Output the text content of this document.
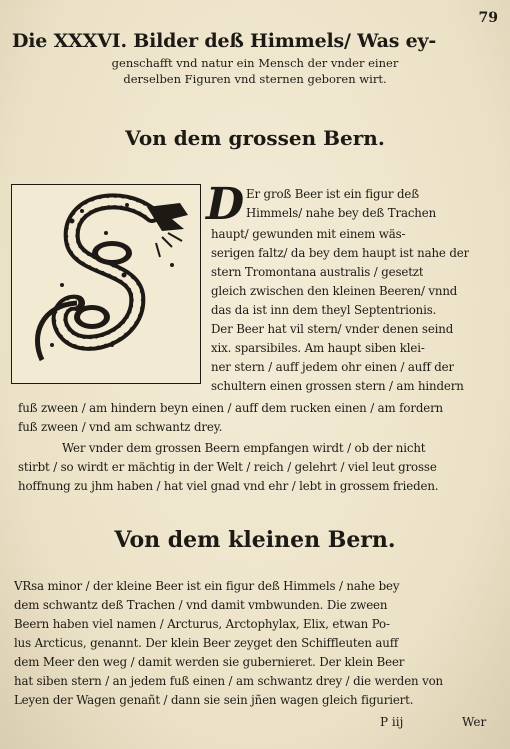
79
Die XXXVI. Bilder deß Himmels/ Was ey-
genschafft vnd natur ein Mensch der vnder einer
derselben Figuren vnd sternen geboren wirt.
Von dem grossen Bern.
D Er groß Beer ist ein figur deß
Himmels/ nahe bey deß Trachen
haupt/ gewunden mit einem wäs-
serigen faltz/ da bey dem haupt ist nahe der
stern Tromontana australis / gesetzt
gleich zwischen den kleinen Beeren/ vnnd
das da ist inn dem theyl Septentrionis.
Der Beer hat vil stern/ vnder denen seind
xix. sparsibiles. Am haupt siben klei-
ner stern / auff jedem ohr einen / auff der
schultern einen grossen stern / am hindern
fuß zween / am hindern beyn einen / auff dem rucken einen / am fordern
fuß zween / vnd am schwantz drey.
Wer vnder dem grossen Beern empfangen wirdt / ob der nicht
stirbt / so wirdt er mächtig in der Welt / reich / gelehrt / viel leut grosse
hoffnung zu jhm haben / hat viel gnad vnd ehr / lebt in grossem frieden.
Von dem kleinen Bern.
VRsa minor / der kleine Beer ist ein figur deß Himmels / nahe bey
dem schwantz deß Trachen / vnd damit vmbwunden. Die zween
Beern haben viel namen / Arcturus, Arctophylax, Elix, etwan Po-
lus Arcticus, genannt. Der klein Beer zeyget den Schiffleuten auff
dem Meer den weg / damit werden sie gubernieret. Der klein Beer
hat siben stern / an jedem fuß einen / am schwantz drey / die werden von
Leyen der Wagen genañt / dann sie sein jñen wagen gleich figuriert.
P iij	Wer
